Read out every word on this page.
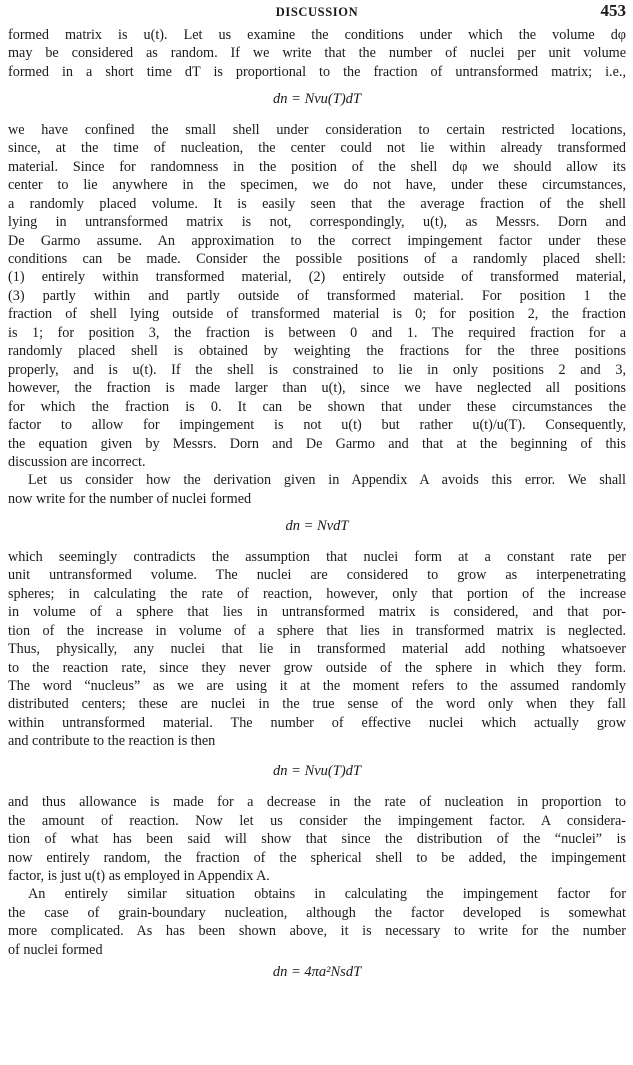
DISCUSSION	453
formed matrix is u(t). Let us examine the conditions under which the volume dφ
may be considered as random. If we write that the number of nuclei per unit volume
formed in a short time dT is proportional to the fraction of untransformed matrix; i.e.,
dn = Nvu(T)dT
we have confined the small shell under consideration to certain restricted locations,
since, at the time of nucleation, the center could not lie within already transformed
material. Since for randomness in the position of the shell dφ we should allow its
center to lie anywhere in the specimen, we do not have, under these circumstances,
a randomly placed volume. It is easily seen that the average fraction of the shell
lying in untransformed matrix is not, correspondingly, u(t), as Messrs. Dorn and
De Garmo assume. An approximation to the correct impingement factor under these
conditions can be made. Consider the possible positions of a randomly placed shell:
(1) entirely within transformed material, (2) entirely outside of transformed material,
(3) partly within and partly outside of transformed material. For position 1 the
fraction of shell lying outside of transformed material is 0; for position 2, the fraction
is 1; for position 3, the fraction is between 0 and 1. The required fraction for a
randomly placed shell is obtained by weighting the fractions for the three positions
properly, and is u(t). If the shell is constrained to lie in only positions 2 and 3,
however, the fraction is made larger than u(t), since we have neglected all positions
for which the fraction is 0. It can be shown that under these circumstances the
factor to allow for impingement is not u(t) but rather u(t)/u(T). Consequently,
the equation given by Messrs. Dorn and De Garmo and that at the beginning of this
discussion are incorrect.
Let us consider how the derivation given in Appendix A avoids this error. We shall
now write for the number of nuclei formed
dn = NvdT
which seemingly contradicts the assumption that nuclei form at a constant rate per
unit untransformed volume. The nuclei are considered to grow as interpenetrating
spheres; in calculating the rate of reaction, however, only that portion of the increase
in volume of a sphere that lies in untransformed matrix is considered, and that por-
tion of the increase in volume of a sphere that lies in transformed matrix is neglected.
Thus, physically, any nuclei that lie in transformed material add nothing whatsoever
to the reaction rate, since they never grow outside of the sphere in which they form.
The word “nucleus” as we are using it at the moment refers to the assumed randomly
distributed centers; these are nuclei in the true sense of the word only when they fall
within untransformed material. The number of effective nuclei which actually grow
and contribute to the reaction is then
dn = Nvu(T)dT
and thus allowance is made for a decrease in the rate of nucleation in proportion to
the amount of reaction. Now let us consider the impingement factor. A considera-
tion of what has been said will show that since the distribution of the “nuclei” is
now entirely random, the fraction of the spherical shell to be added, the impingement
factor, is just u(t) as employed in Appendix A.
An entirely similar situation obtains in calculating the impingement factor for
the case of grain-boundary nucleation, although the factor developed is somewhat
more complicated. As has been shown above, it is necessary to write for the number
of nuclei formed
dn = 4πa²NsdT
